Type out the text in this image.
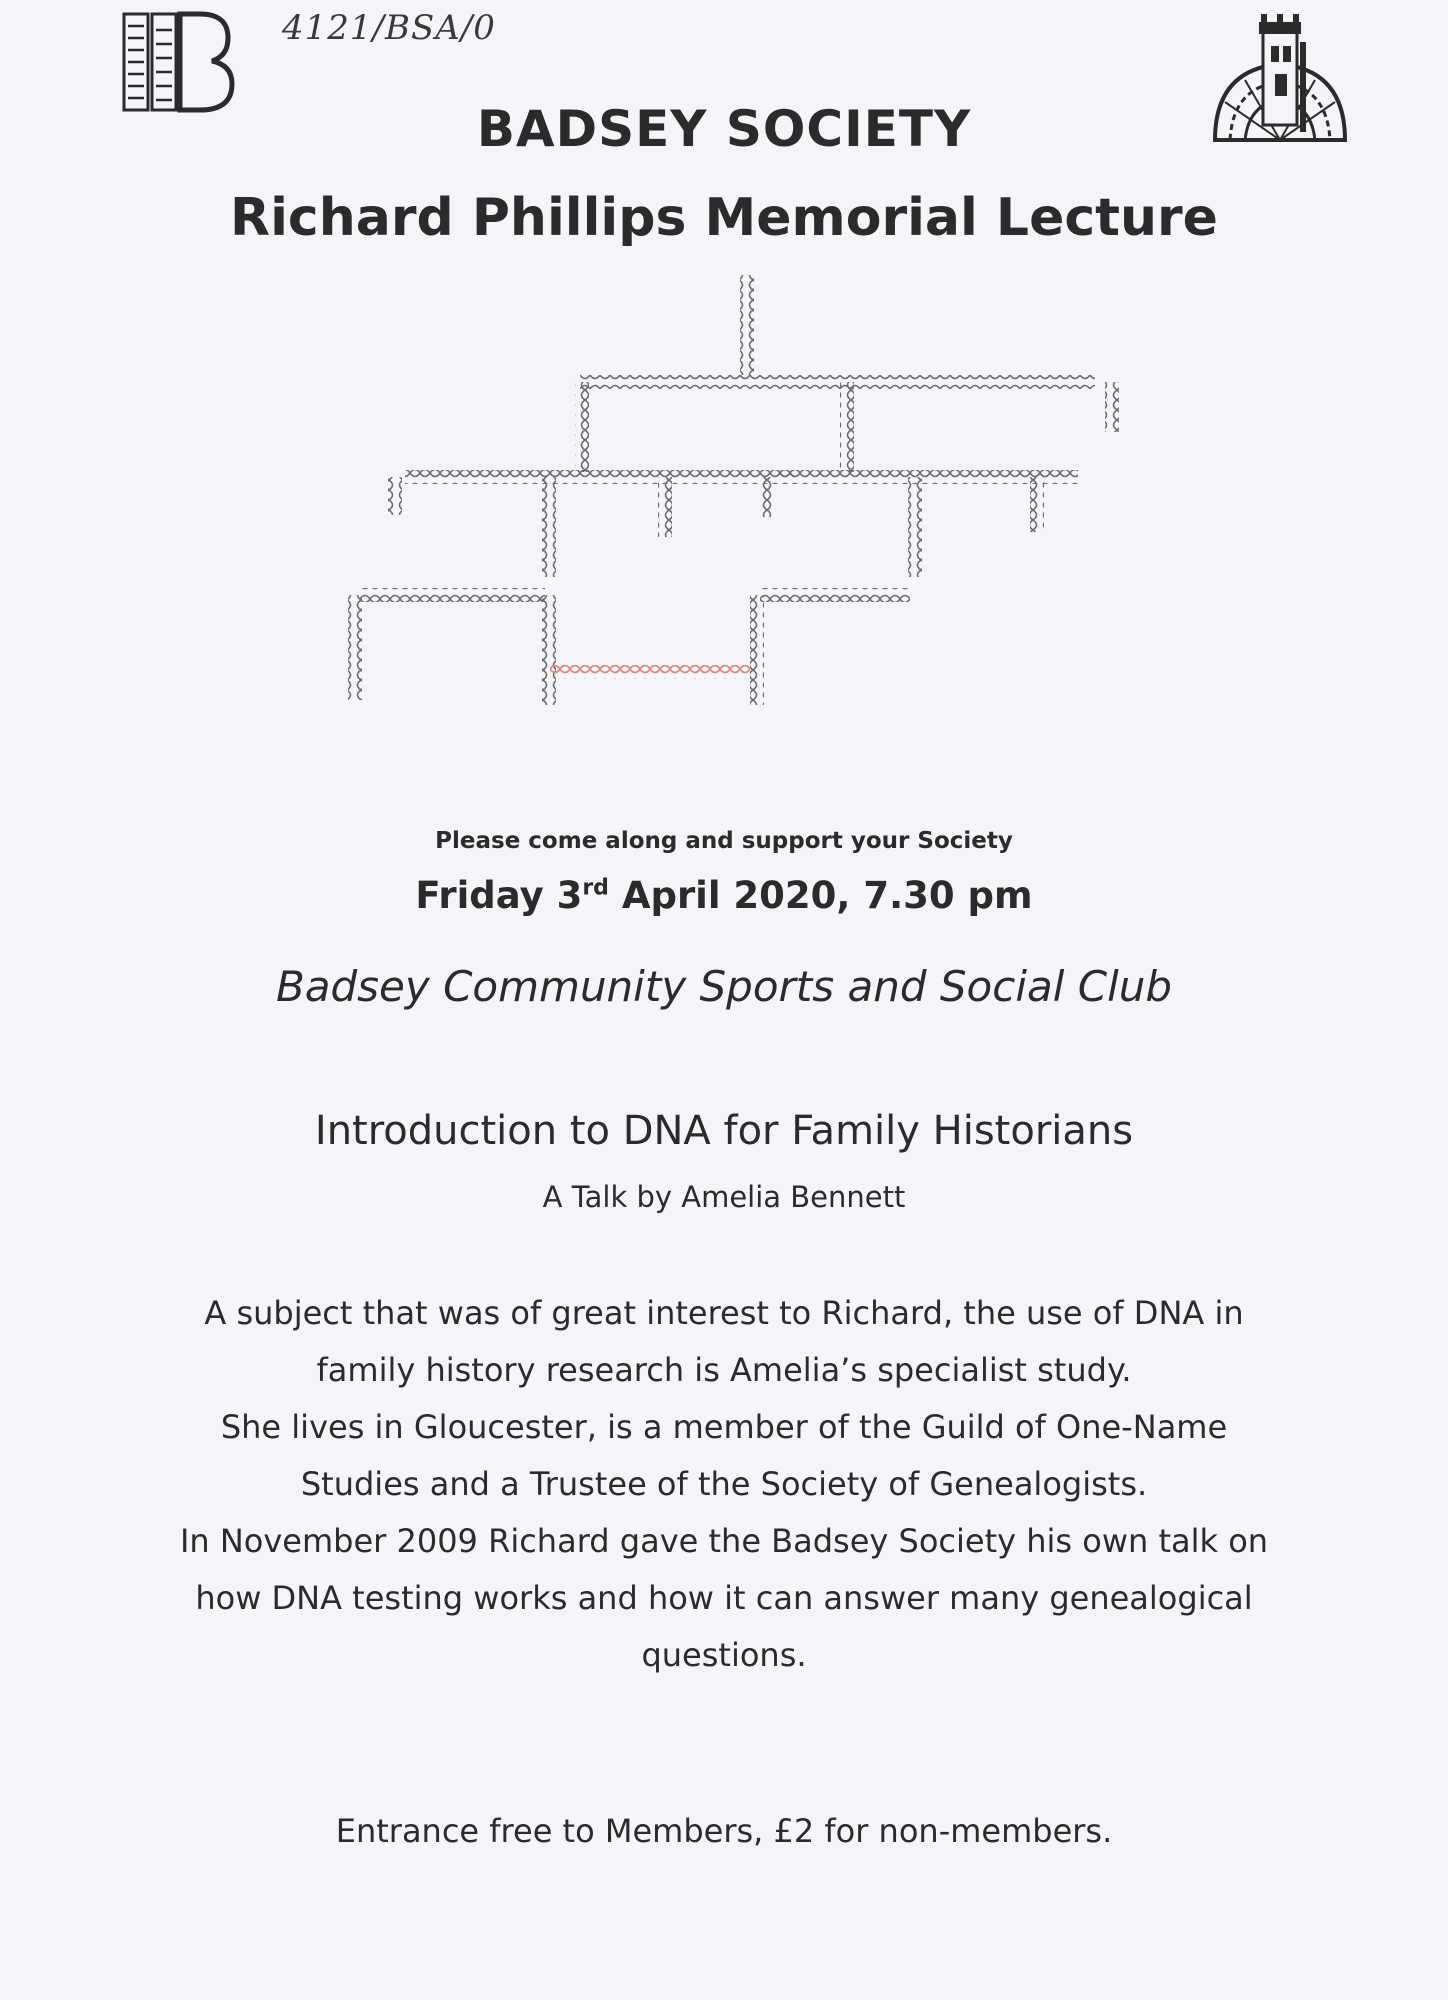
4121/BSA/0
BADSEY SOCIETY
Richard Phillips Memorial Lecture
Please come along and support your Society
Friday 3rd April 2020, 7.30 pm
Badsey Community Sports and Social Club
Introduction to DNA for Family Historians
A Talk by Amelia Bennett

A subject that was of great interest to Richard, the use of DNA in

family history research is Amelia’s specialist study.

She lives in Gloucester, is a member of the Guild of One-Name

Studies and a Trustee of the Society of Genealogists.

In November 2009 Richard gave the Badsey Society his own talk on

how DNA testing works and how it can answer many genealogical

questions.

Entrance free to Members, £2 for non-members.
